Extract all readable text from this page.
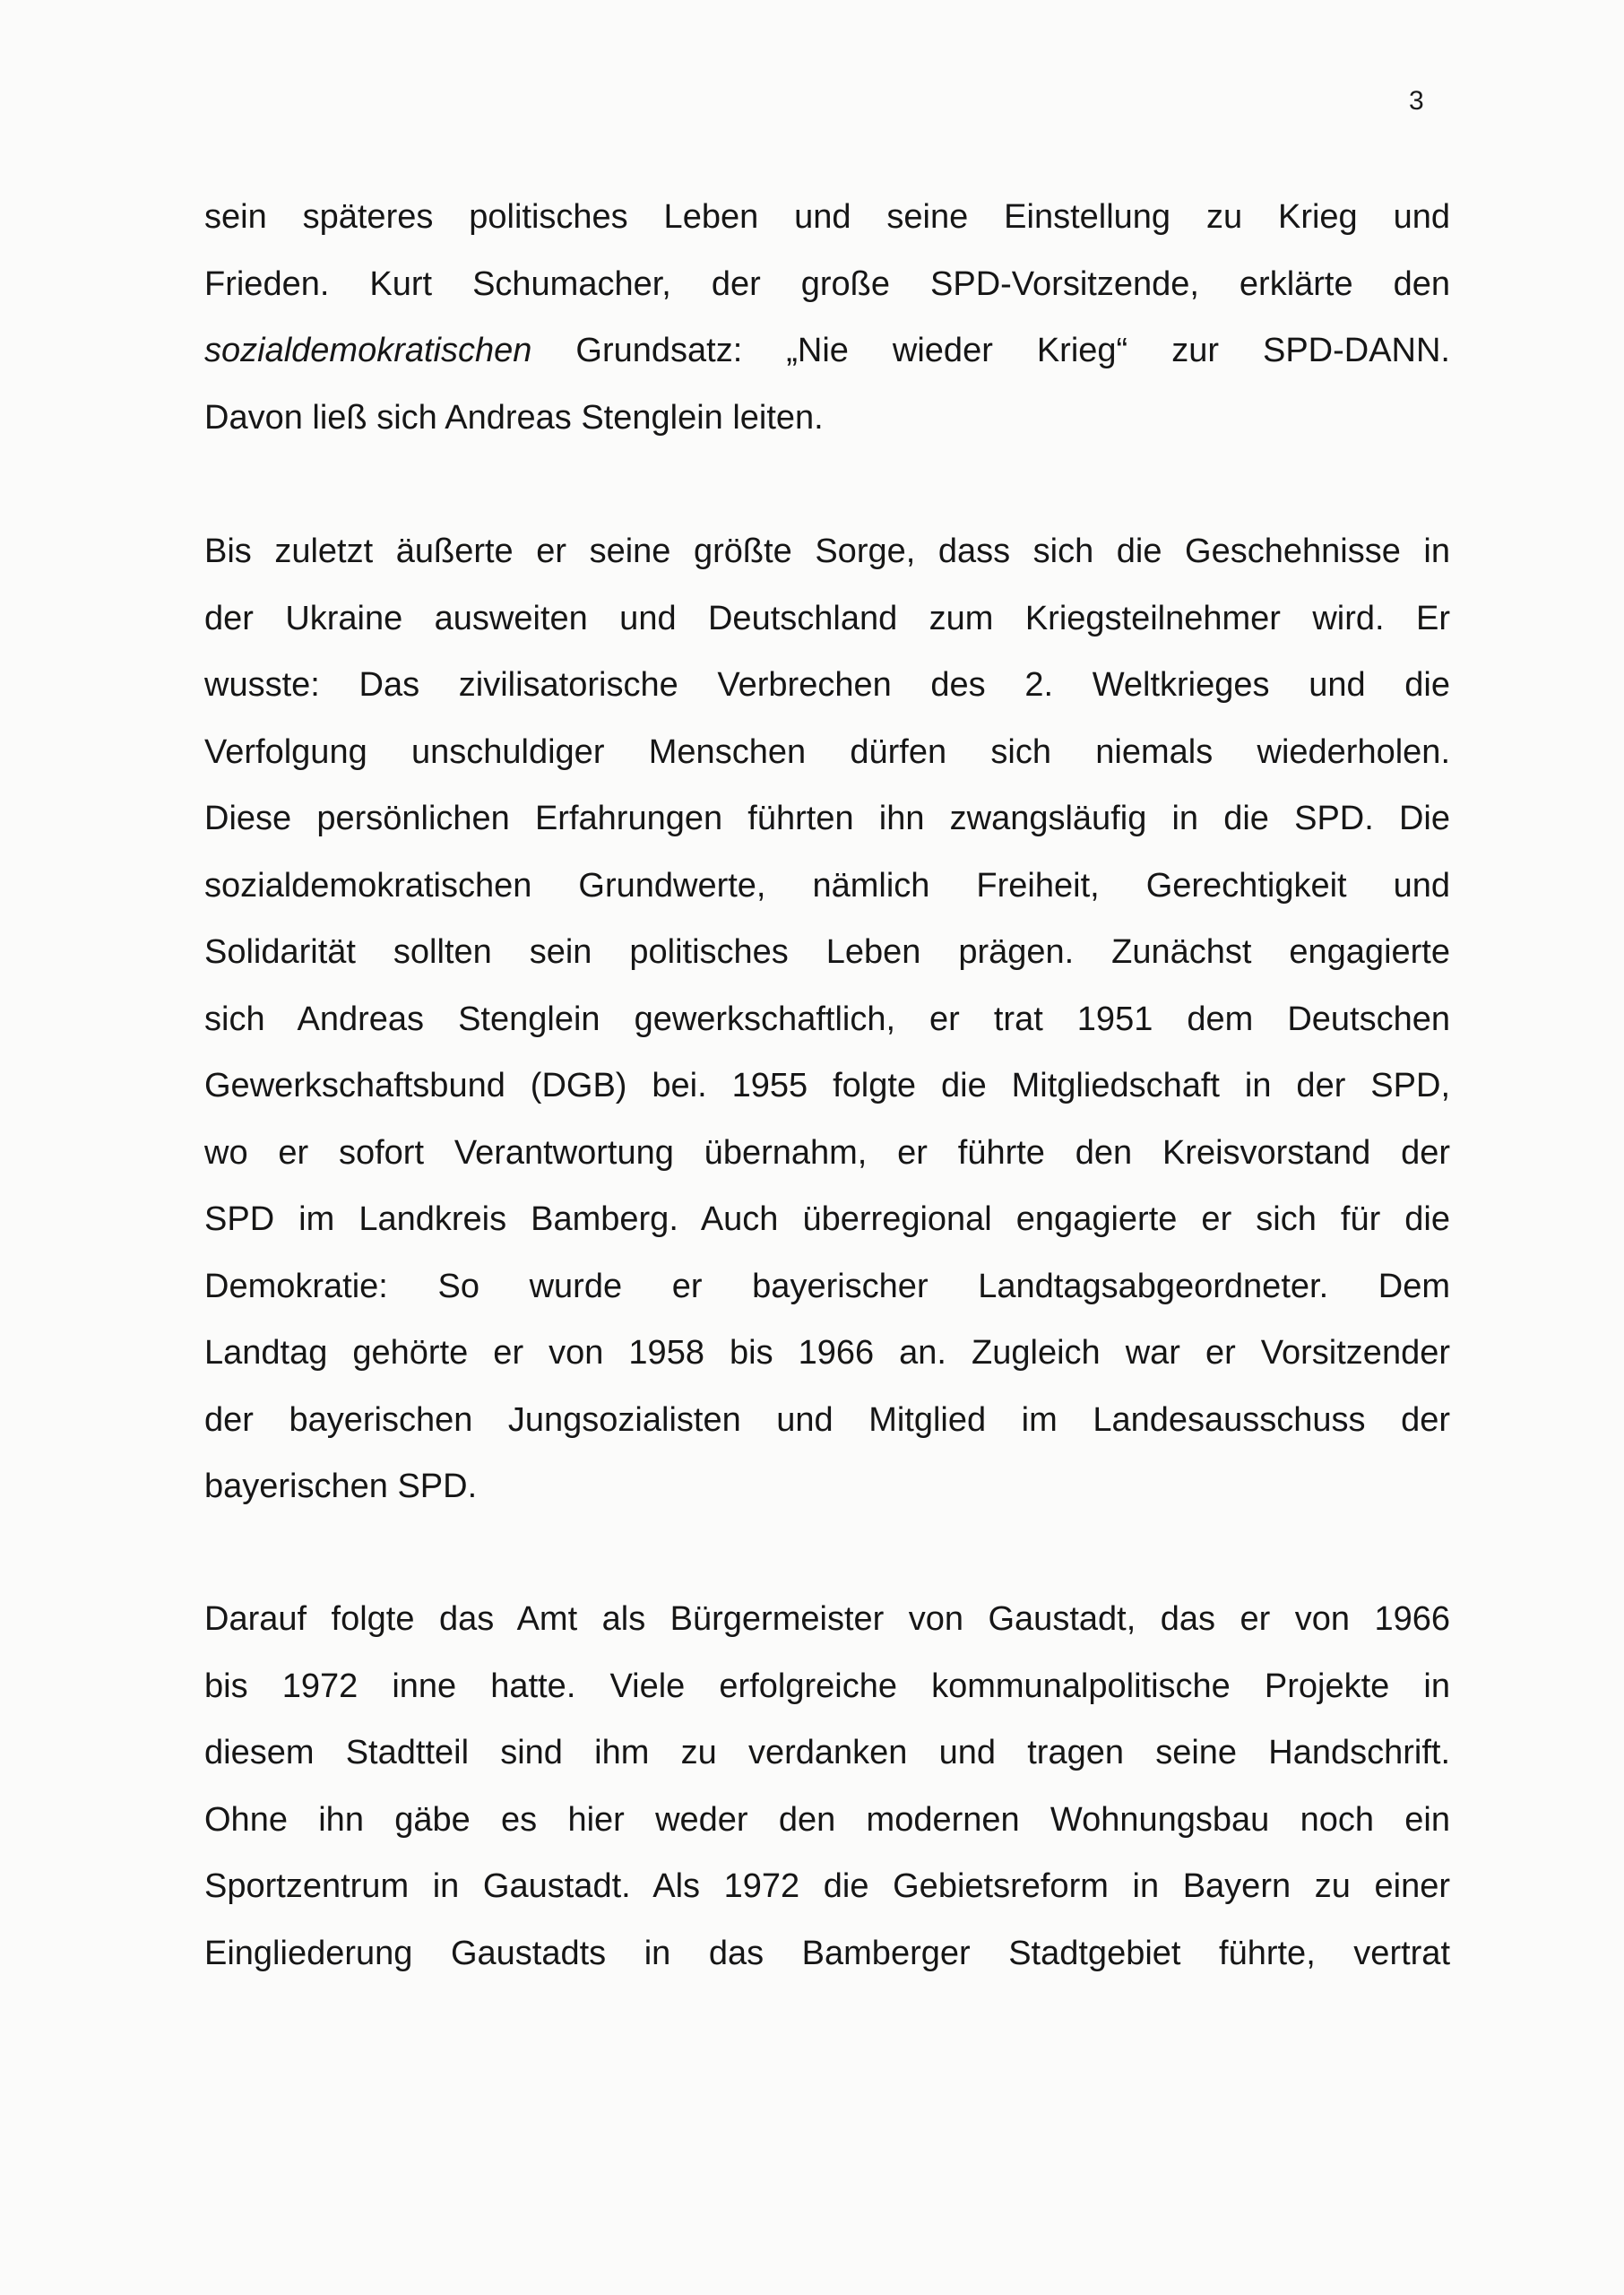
3
sein späteres politisches Leben und seine Einstellung zu Krieg und
Frieden. Kurt Schumacher, der große SPD-Vorsitzende, erklärte den
sozialdemokratischen Grundsatz: „Nie wieder Krieg“ zur SPD-DANN.
Davon ließ sich Andreas Stenglein leiten.
Bis zuletzt äußerte er seine größte Sorge, dass sich die Geschehnisse in
der Ukraine ausweiten und Deutschland zum Kriegsteilnehmer wird. Er
wusste: Das zivilisatorische Verbrechen des 2. Weltkrieges und die
Verfolgung unschuldiger Menschen dürfen sich niemals wiederholen.
Diese persönlichen Erfahrungen führten ihn zwangsläufig in die SPD. Die
sozialdemokratischen Grundwerte, nämlich Freiheit, Gerechtigkeit und
Solidarität sollten sein politisches Leben prägen. Zunächst engagierte
sich Andreas Stenglein gewerkschaftlich, er trat 1951 dem Deutschen
Gewerkschaftsbund (DGB) bei. 1955 folgte die Mitgliedschaft in der SPD,
wo er sofort Verantwortung übernahm, er führte den Kreisvorstand der
SPD im Landkreis Bamberg. Auch überregional engagierte er sich für die
Demokratie: So wurde er bayerischer Landtagsabgeordneter. Dem
Landtag gehörte er von 1958 bis 1966 an. Zugleich war er Vorsitzender
der bayerischen Jungsozialisten und Mitglied im Landesausschuss der
bayerischen SPD.
Darauf folgte das Amt als Bürgermeister von Gaustadt, das er von 1966
bis 1972 inne hatte. Viele erfolgreiche kommunalpolitische Projekte in
diesem Stadtteil sind ihm zu verdanken und tragen seine Handschrift.
Ohne ihn gäbe es hier weder den modernen Wohnungsbau noch ein
Sportzentrum in Gaustadt. Als 1972 die Gebietsreform in Bayern zu einer
Eingliederung Gaustadts in das Bamberger Stadtgebiet führte, vertrat
